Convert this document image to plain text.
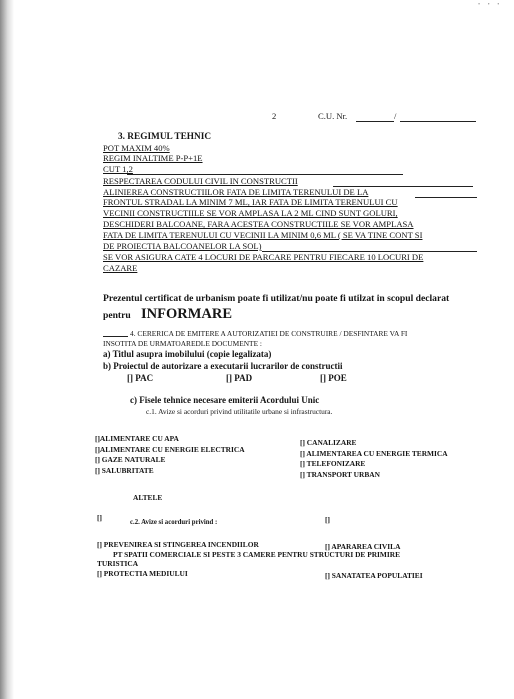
• • •
2	C.U. Nr.	/
3. REGIMUL TEHNIC
POT MAXIM 40%
REGIM INALTIME P-P+1E
CUT 1,2
RESPECTAREA CODULUI CIVIL IN CONSTRUCTII
ALINIEREA CONSTRUCTIILOR FATA DE LIMITA TERENULUI DE LA
FRONTUL STRADAL LA MINIM 7 ML, IAR FATA DE LIMITA TERENULUI CU
VECINII CONSTRUCTIILE SE VOR AMPLASA LA 2 ML CIND SUNT GOLURI,
DESCHIDERI BALCOANE, FARA ACESTEA CONSTRUCTIILE SE VOR AMPLASA
FATA DE LIMITA TERENULUI CU VECINII LA MINIM 0,6 ML ( SE VA TINE CONT SI
DE PROIECTIA BALCOANELOR LA SOL)
SE VOR ASIGURA CATE 4 LOCURI DE PARCARE PENTRU FIECARE 10 LOCURI DE
CAZARE
Prezentul certificat de urbanism poate fi utilizat/nu poate fi utilzat in scopul declarat
pentru INFORMARE
4. CERERICA DE EMITERE A AUTORIZATIEI DE CONSTRUIRE / DESFINTARE VA FI
INSOTITA DE URMATOAREDLE DOCUMENTE :
a) Titlul asupra imobilului (copie legalizata)
b) Proiectul de autorizare a executarii lucrarilor de constructii
[] PAC	[] PAD	[] POE
c) Fisele tehnice necesare emiterii Acordului Unic
c.1. Avize si acorduri privind utilitatile urbane si infrastructura.
[]ALIMENTARE CU APA
[]ALIMENTARE CU ENERGIE ELECTRICA
[] GAZE NATURALE
[] SALUBRITATE
[] CANALIZARE
[] ALIMENTAREA CU ENERGIE TERMICA
[] TELEFONIZARE
[] TRANSPORT URBAN
ALTELE
[]	[]
c.2. Avize si acorduri privind :
[] PREVENIREA SI STINGEREA INCENDIILOR	[] APARAREA CIVILA
PT SPATII COMERCIALE SI PESTE 3 CAMERE PENTRU STRUCTURI DE PRIMIRE
TURISTICA
[] PROTECTIA MEDIULUI	[] SANATATEA POPULATIEI
